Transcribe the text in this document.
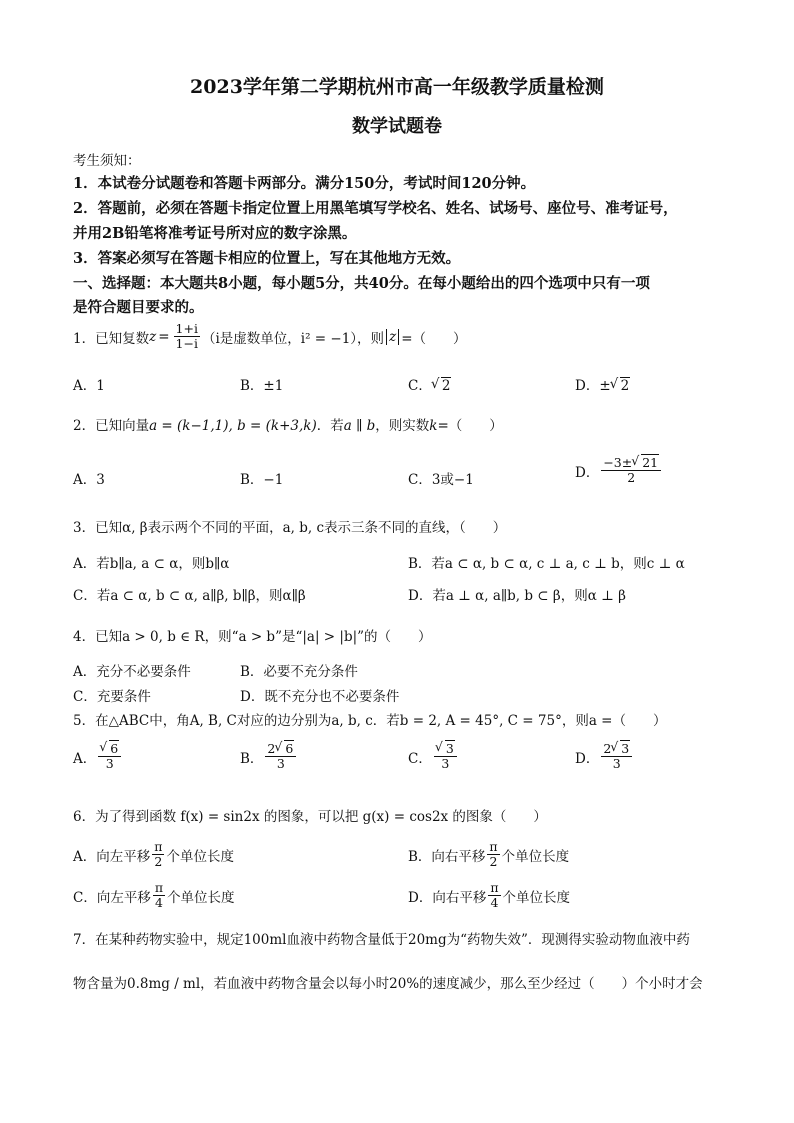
2023学年第二学期杭州市高一年级教学质量检测
数学试题卷
考生须知：
1．本试卷分试题卷和答题卡两部分。满分150分，考试时间120分钟。
2．答题前，必须在答题卡指定位置上用黑笔填写学校名、姓名、试场号、座位号、准考证号，
并用2B铅笔将准考证号所对应的数字涂黑。
3．答案必须写在答题卡相应的位置上，写在其他地方无效。
一、选择题：本大题共8小题，每小题5分，共40分。在每小题给出的四个选项中只有一项
是符合题目要求的。
1．已知复数 $z = \frac{1+i}{1-i} (i$是虚数单位，i² = −1），则 z =（　　）
A．1	B．±1	C． √ 2	D．± √ 2
2．已知向量a = (k−1,1), b = (k+3,k)．若a ∥ b，则实数k=（　　）
A．3	B．−1	C．3或−1	D． $\frac{-3\pm √ 21}{2}$
3．已知α, β表示两个不同的平面，a, b, c表示三条不同的直线，（　　）
A．若b∥a, a ⊂ α，则b∥α	B．若a ⊂ α, b ⊂ α, c ⊥ a, c ⊥ b，则c ⊥ α
C．若a ⊂ α, b ⊂ α, a∥β, b∥β，则α∥β	D．若a ⊥ α, a∥b, b ⊂ β，则α ⊥ β
4．已知a > 0, b ∈ R，则“a > b”是“|a| > |b|”的（　　）
A．充分不必要条件	B．必要不充分条件
C．充要条件	D．既不充分也不必要条件
5．在△ABC中，角A, B, C对应的边分别为a, b, c．若b = 2, A = 45°, C = 75°，则a =（　　）
A． √ $\frac{6}{3}$	B． $\frac{2 √ 6}{3}$	C． √ $\frac{3}{3}$	D． $\frac{2 √ 3}{3}$
6．为了得到函数 f(x) = sin2x 的图象，可以把 g(x) = cos2x 的图象（　　）
A．向左平移 $\frac{\pi}{2}$ 个单位长度	B．向右平移 $\frac{\pi}{2}$ 个单位长度
C．向左平移 $\frac{\pi}{4}$ 个单位长度	D．向右平移 $\frac{\pi}{4}$ 个单位长度
7．在某种药物实验中，规定100ml血液中药物含量低于20mg为“药物失效”．现测得实验动物血液中药
物含量为0.8mg / ml，若血液中药物含量会以每小时20%的速度减少，那么至少经过（　　）个小时才会
